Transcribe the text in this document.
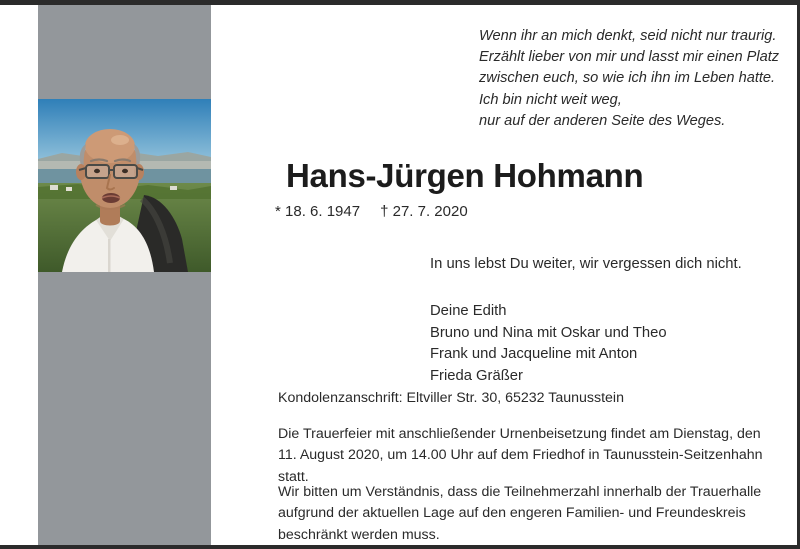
Wenn ihr an mich denkt, seid nicht nur traurig.
Erzählt lieber von mir und lasst mir einen Platz
zwischen euch, so wie ich ihn im Leben hatte.
Ich bin nicht weit weg,
nur auf der anderen Seite des Weges.
Hans-Jürgen Hohmann
* 18. 6. 1947 † 27. 7. 2020
In uns lebst Du weiter, wir vergessen dich nicht.
Deine Edith
Bruno und Nina mit Oskar und Theo
Frank und Jacqueline mit Anton
Frieda Gräßer
Kondolenzanschrift: Eltviller Str. 30, 65232 Taunusstein
Die Trauerfeier mit anschließender Urnenbeisetzung findet am Dienstag, den 11. August 2020, um 14.00 Uhr auf dem Friedhof in Taunusstein-Seitzenhahn statt.
Wir bitten um Verständnis, dass die Teilnehmerzahl innerhalb der Trauerhalle aufgrund der aktuellen Lage auf den engeren Familien- und Freundeskreis beschränkt werden muss.
